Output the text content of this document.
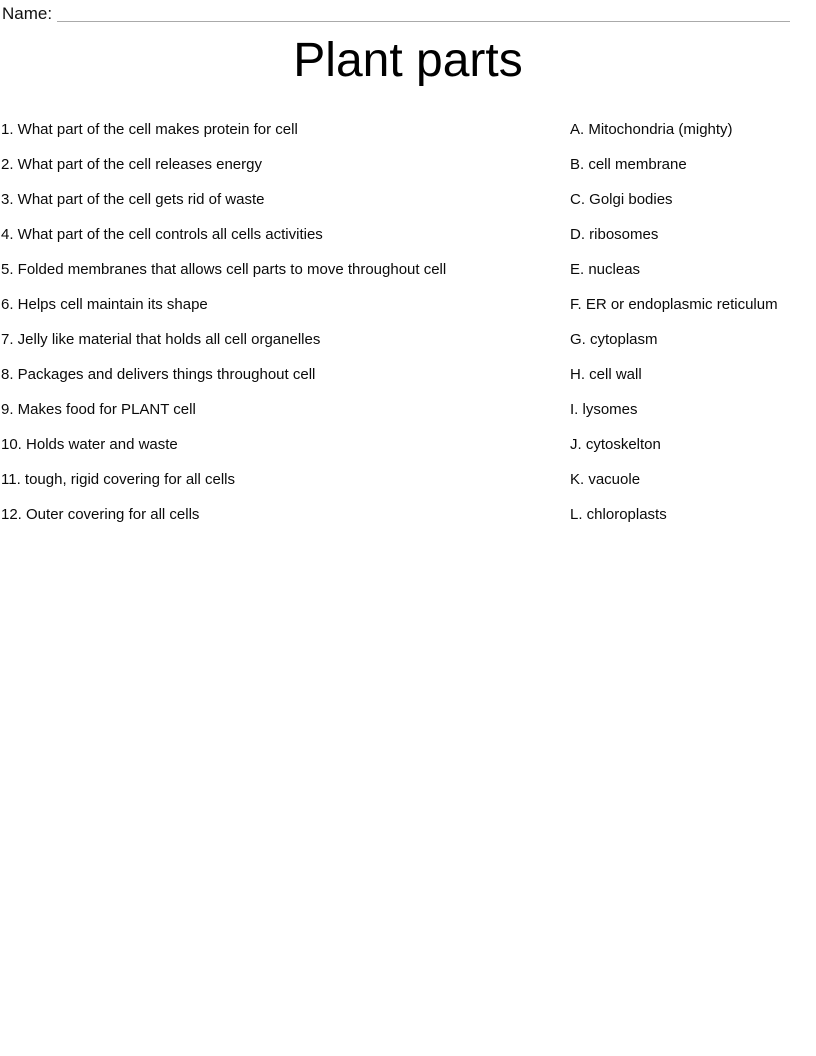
Name:
Plant parts
1. What part of the cell makes protein for cell	A. Mitochondria (mighty)
2. What part of the cell releases energy	B. cell membrane
3. What part of the cell gets rid of waste	C. Golgi bodies
4. What part of the cell controls all cells activities	D. ribosomes
5. Folded membranes that allows cell parts to move throughout cell	E. nucleas
6. Helps cell maintain its shape	F. ER or endoplasmic reticulum
7. Jelly like material that holds all cell organelles	G. cytoplasm
8. Packages and delivers things throughout cell	H. cell wall
9. Makes food for PLANT cell	I. lysomes
10. Holds water and waste	J. cytoskelton
11. tough, rigid covering for all cells	K. vacuole
12. Outer covering for all cells	L. chloroplasts
